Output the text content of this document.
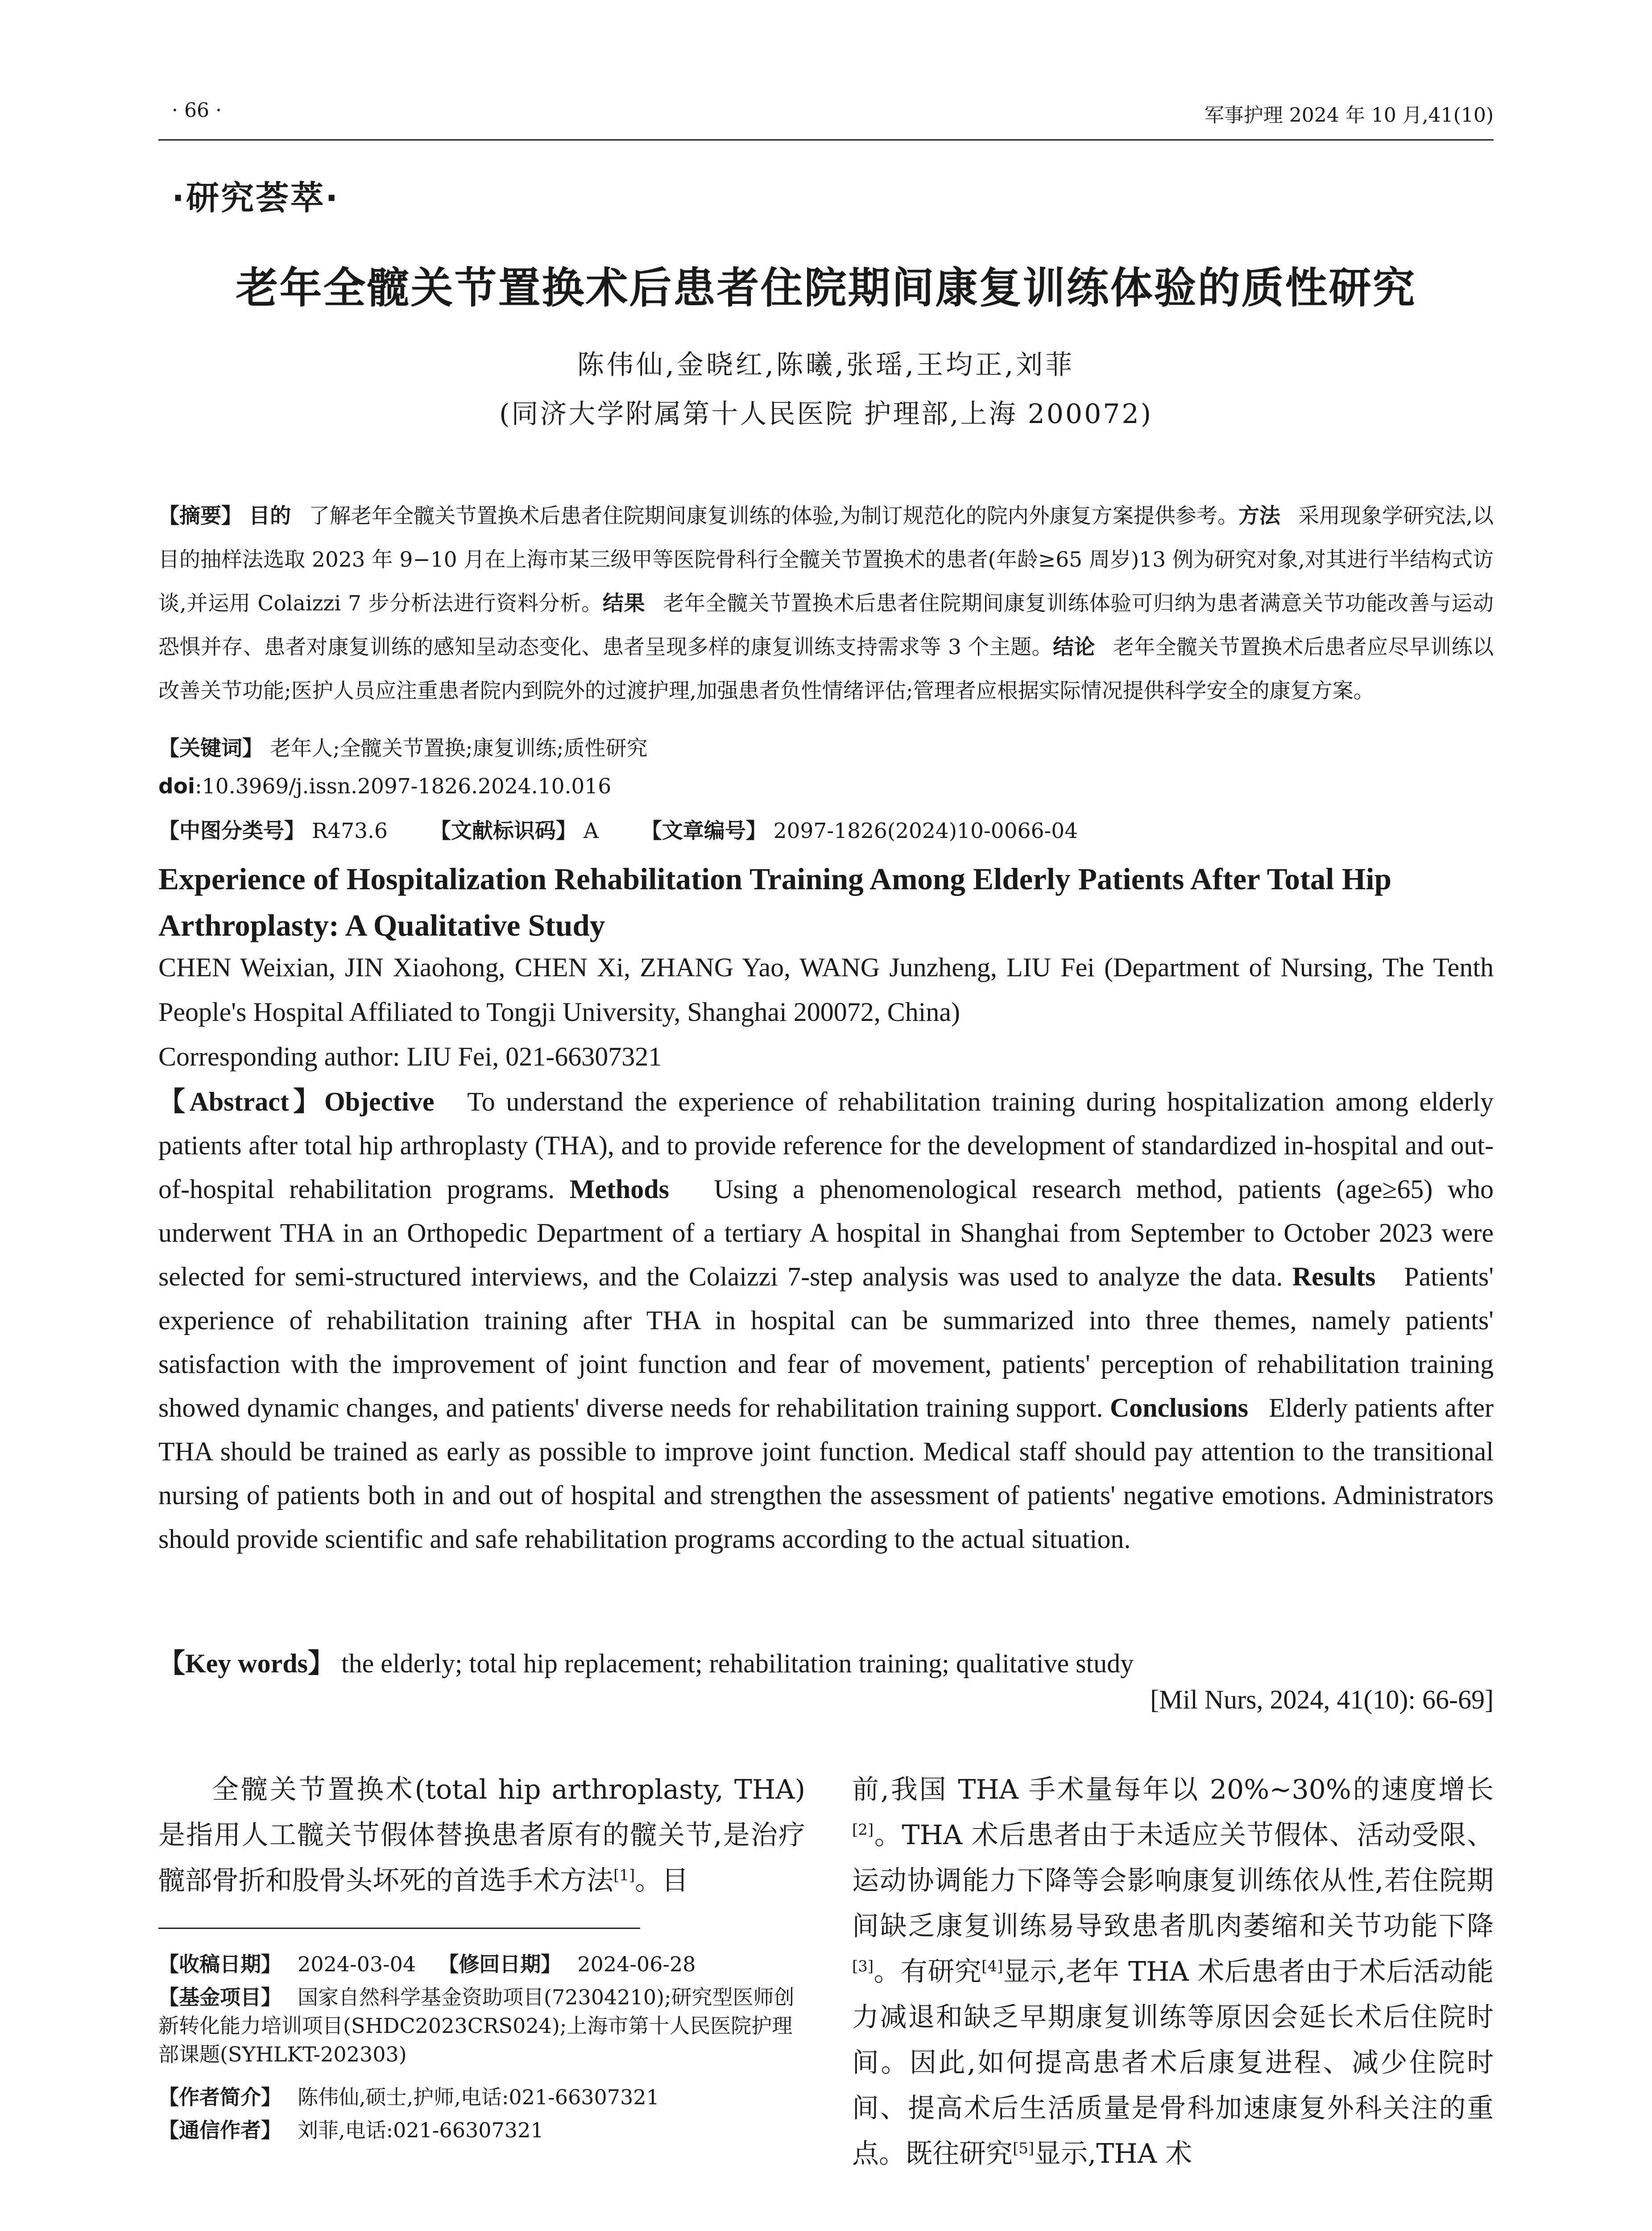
· 66 ·	军事护理 2024 年 10 月,41(10)
·研究荟萃·
老年全髋关节置换术后患者住院期间康复训练体验的质性研究
陈伟仙,金晓红,陈曦,张瑶,王均正,刘菲
(同济大学附属第十人民医院 护理部,上海 200072)
【摘要】 目的 了解老年全髋关节置换术后患者住院期间康复训练的体验,为制订规范化的院内外康复方案提供参考。方法 采用现象学研究法,以目的抽样法选取 2023 年 9−10 月在上海市某三级甲等医院骨科行全髋关节置换术的患者(年龄≥65 周岁)13 例为研究对象,对其进行半结构式访谈,并运用 Colaizzi 7 步分析法进行资料分析。结果 老年全髋关节置换术后患者住院期间康复训练体验可归纳为患者满意关节功能改善与运动恐惧并存、患者对康复训练的感知呈动态变化、患者呈现多样的康复训练支持需求等 3 个主题。结论 老年全髋关节置换术后患者应尽早训练以改善关节功能;医护人员应注重患者院内到院外的过渡护理,加强患者负性情绪评估;管理者应根据实际情况提供科学安全的康复方案。
【关键词】 老年人;全髋关节置换;康复训练;质性研究
doi:10.3969/j.issn.2097-1826.2024.10.016
【中图分类号】 R473.6 【文献标识码】 A 【文章编号】 2097-1826(2024)10-0066-04
Experience of Hospitalization Rehabilitation Training Among Elderly Patients After Total Hip Arthroplasty: A Qualitative Study
CHEN Weixian, JIN Xiaohong, CHEN Xi, ZHANG Yao, WANG Junzheng, LIU Fei (Department of Nursing, The Tenth People's Hospital Affiliated to Tongji University, Shanghai 200072, China)
Corresponding author: LIU Fei, 021-66307321
【Abstract】Objective To understand the experience of rehabilitation training during hospitalization among elderly patients after total hip arthroplasty (THA), and to provide reference for the development of standardized in-hospital and out-of-hospital rehabilitation programs. Methods Using a phenomenological research method, patients (age≥65) who underwent THA in an Orthopedic Department of a tertiary A hospital in Shanghai from September to October 2023 were selected for semi-structured interviews, and the Colaizzi 7-step analysis was used to analyze the data. Results Patients' experience of rehabilitation training after THA in hospital can be summarized into three themes, namely patients' satisfaction with the improvement of joint function and fear of movement, patients' perception of rehabilitation training showed dynamic changes, and patients' diverse needs for rehabilitation training support. Conclusions Elderly patients after THA should be trained as early as possible to improve joint function. Medical staff should pay attention to the transitional nursing of patients both in and out of hospital and strengthen the assessment of patients' negative emotions. Administrators should provide scientific and safe rehabilitation programs according to the actual situation.
【Key words】 the elderly; total hip replacement; rehabilitation training; qualitative study
[Mil Nurs, 2024, 41(10): 66-69]
全髋关节置换术(total hip arthroplasty, THA)是指用人工髋关节假体替换患者原有的髋关节,是治疗髋部骨折和股骨头坏死的首选手术方法[1]。目
前,我国 THA 手术量每年以 20%~30%的速度增长[2]。THA 术后患者由于未适应关节假体、活动受限、运动协调能力下降等会影响康复训练依从性,若住院期间缺乏康复训练易导致患者肌肉萎缩和关节功能下降[3]。有研究[4]显示,老年 THA 术后患者由于术后活动能力减退和缺乏早期康复训练等原因会延长术后住院时间。因此,如何提高患者术后康复进程、减少住院时间、提高术后生活质量是骨科加速康复外科关注的重点。既往研究[5]显示,THA 术
【收稿日期】 2024-03-04 【修回日期】 2024-06-28
【基金项目】 国家自然科学基金资助项目(72304210);研究型医师创新转化能力培训项目(SHDC2023CRS024);上海市第十人民医院护理部课题(SYHLKT-202303)
【作者简介】 陈伟仙,硕士,护师,电话:021-66307321
【通信作者】 刘菲,电话:021-66307321
